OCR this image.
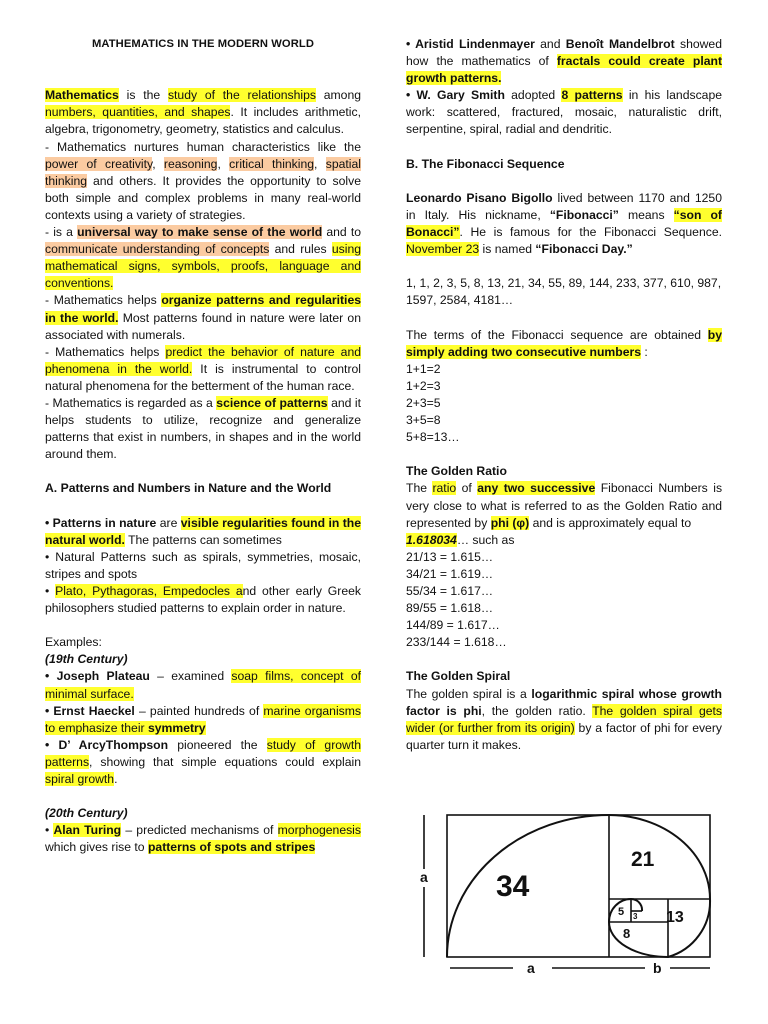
MATHEMATICS IN THE MODERN WORLD

Mathematics is the study of the relationships among numbers, quantities, and shapes. It includes arithmetic, algebra, trigonometry, geometry, statistics and calculus.

- Mathematics nurtures human characteristics like the power of creativity, reasoning, critical thinking, spatial thinking and others. It provides the opportunity to solve both simple and complex problems in many real-world contexts using a variety of strategies.

- is a universal way to make sense of the world and to communicate understanding of concepts and rules using mathematical signs, symbols, proofs, language and conventions.

- Mathematics helps organize patterns and regularities in the world. Most patterns found in nature were later on associated with numerals.

- Mathematics helps predict the behavior of nature and phenomena in the world. It is instrumental to control natural phenomena for the betterment of the human race.

- Mathematics is regarded as a science of patterns and it helps students to utilize, recognize and generalize patterns that exist in numbers, in shapes and in the world around them.

A. Patterns and Numbers in Nature and the World

• Patterns in nature are visible regularities found in the natural world. The patterns can sometimes

• Natural Patterns such as spirals, symmetries, mosaic, stripes and spots

• Plato, Pythagoras, Empedocles and other early Greek philosophers studied patterns to explain order in nature.

Examples:

(19th Century)

• Joseph Plateau – examined soap films, concept of minimal surface.

• Ernst Haeckel – painted hundreds of marine organisms to emphasize their symmetry

• D’ ArcyThompson pioneered the study of growth patterns, showing that simple equations could explain spiral growth.

(20th Century)

• Alan Turing – predicted mechanisms of morphogenesis which gives rise to patterns of spots and stripes

• Aristid Lindenmayer and Benoît Mandelbrot showed how the mathematics of fractals could create plant growth patterns.

• W. Gary Smith adopted 8 patterns in his landscape work: scattered, fractured, mosaic, naturalistic drift, serpentine, spiral, radial and dendritic.

B. The Fibonacci Sequence

Leonardo Pisano Bigollo lived between 1170 and 1250 in Italy. His nickname, “Fibonacci” means “son of Bonacci”. He is famous for the Fibonacci Sequence. November 23 is named “Fibonacci Day.”

1, 1, 2, 3, 5, 8, 13, 21, 34, 55, 89, 144, 233, 377, 610, 987, 1597, 2584, 4181…

The terms of the Fibonacci sequence are obtained by simply adding two consecutive numbers :

1+1=2

1+2=3

2+3=5

3+5=8

5+8=13…

The Golden Ratio

The ratio of any two successive Fibonacci Numbers is very close to what is referred to as the Golden Ratio and represented by phi (φ) and is approximately equal to

1.618034… such as

21/13 = 1.615…

34/21 = 1.619…

55/34 = 1.617…

89/55 = 1.618…

144/89 = 1.617…

233/144 = 1.618…

The Golden Spiral

The golden spiral is a logarithmic spiral whose growth factor is phi, the golden ratio. The golden spiral gets wider (or further from its origin) by a factor of phi for every quarter turn it makes.

a
a	b
34
21
13
8
5 3
